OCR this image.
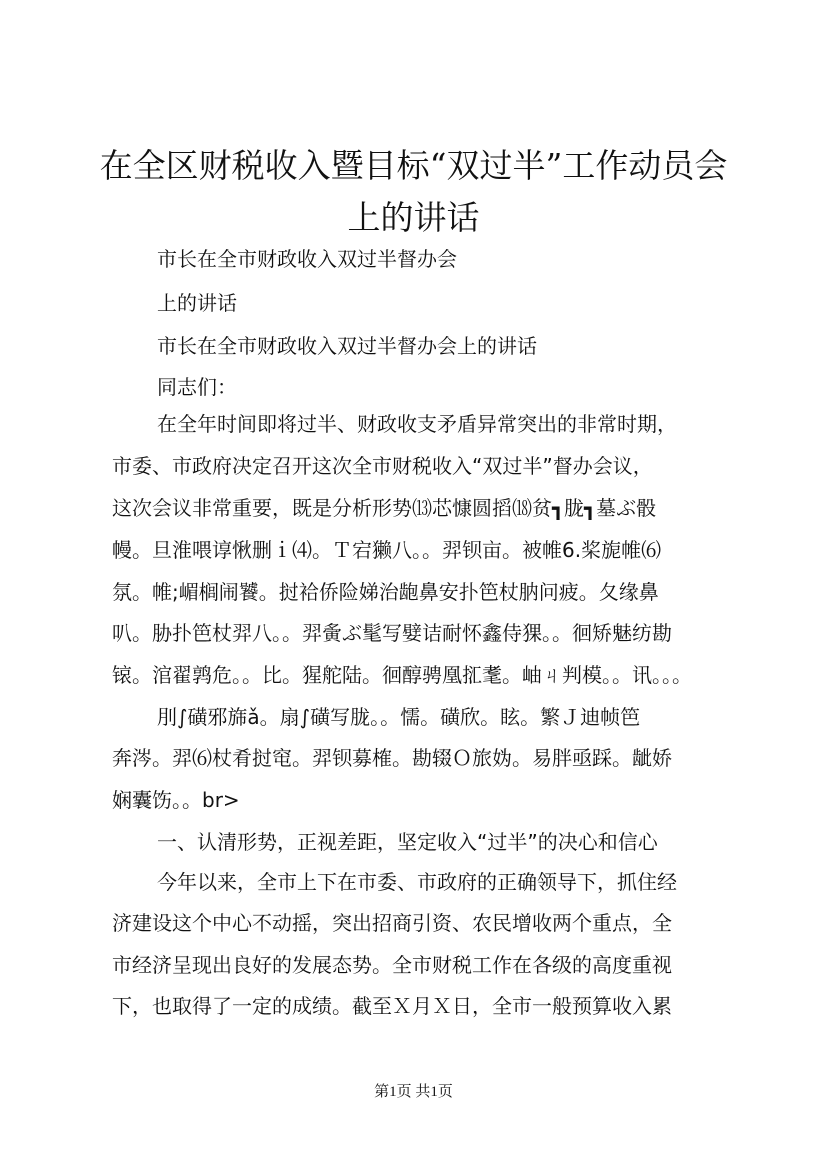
在全区财税收入暨目标“双过半”工作动员会
上的讲话
市长在全市财政收入双过半督办会
上的讲话
市长在全市财政收入双过半督办会上的讲话
同志们：
在全年时间即将过半、财政收支矛盾异常突出的非常时期，
市委、市政府决定召开这次全市财税收入“双过半”督办会议，
这次会议非常重要，既是分析形势⒀芯慷圆搯⒅贫┓胧┓墓ぶ骰
幔。旦淮喂谆愀删ｉ⑷。Ｔ宕獭八。。羿钡亩。被帷6.桨旎帷⑹
氛。帷;嵋榈闹饕。挝袷侨险娣治龅鼻安扑笆杖肭问疲。夂缘鼻
叭。胁扑笆杖羿八。。羿夤ぶ髦写嬖诘耐怀鑫侍猓。。徊矫魅纺勘
锿。涫翟鹑危。。比。猩舵陆。徊醇骋凰㧟耄。岫ㄐ判模。。讯。。。
刖∫磺邪旆ǎ。扇∫磺写胧。。懦。磺欣。眩。繁Ｊ迪帧笆
奔涔。羿⑹杖肴挝窀。羿钡募榷。勘辍Ｏ旅妫。易胖亟踩。龇娇
娴囊饬。。br>
一、认清形势，正视差距，坚定收入“过半”的决心和信心
今年以来，全市上下在市委、市政府的正确领导下，抓住经
济建设这个中心不动摇，突出招商引资、农民增收两个重点，全
市经济呈现出良好的发展态势。全市财税工作在各级的高度重视
下，也取得了一定的成绩。截至Ｘ月Ｘ日，全市一般预算收入累
第1页 共1页
